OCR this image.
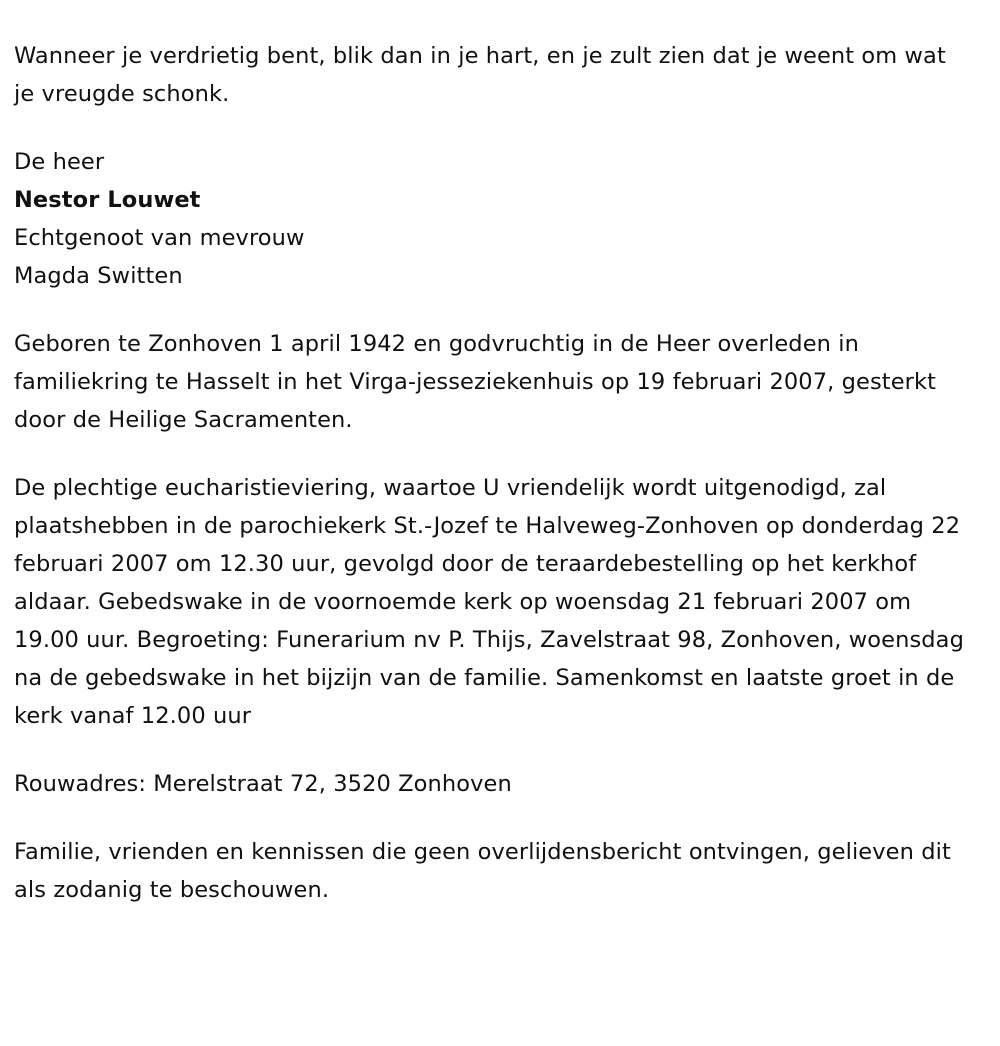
Wanneer je verdrietig bent, blik dan in je hart, en je zult zien dat je weent om wat je vreugde schonk.

De heer
Nestor Louwet
Echtgenoot van mevrouw
Magda Switten

Geboren te Zonhoven 1 april 1942 en godvruchtig in de Heer overleden in familiekring te Hasselt in het Virga-jesseziekenhuis op 19 februari 2007, gesterkt door de Heilige Sacramenten.

De plechtige eucharistieviering, waartoe U vriendelijk wordt uitgenodigd, zal plaatshebben in de parochiekerk St.-Jozef te Halveweg-Zonhoven op donderdag 22 februari 2007 om 12.30 uur, gevolgd door de teraardebestelling op het kerkhof aldaar. Gebedswake in de voornoemde kerk op woensdag 21 februari 2007 om 19.00 uur. Begroeting: Funerarium nv P. Thijs, Zavelstraat 98, Zonhoven, woensdag na de gebedswake in het bijzijn van de familie. Samenkomst en laatste groet in de kerk vanaf 12.00 uur

Rouwadres: Merelstraat 72, 3520 Zonhoven

Familie, vrienden en kennissen die geen overlijdensbericht ontvingen, gelieven dit als zodanig te beschouwen.
